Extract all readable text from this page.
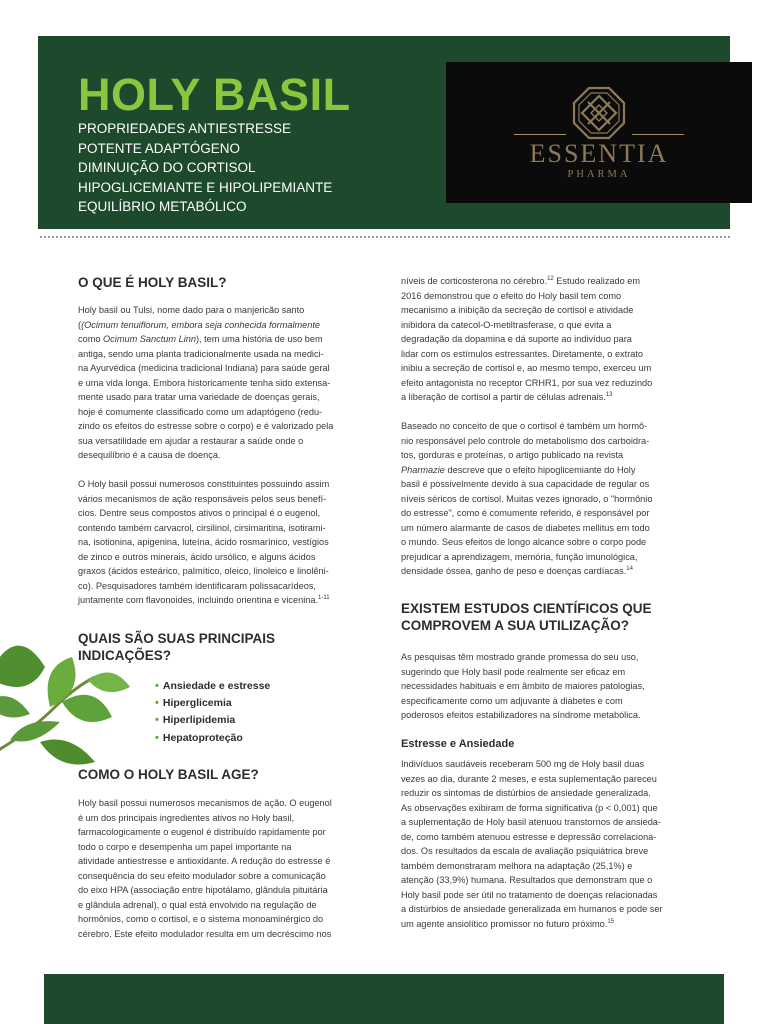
HOLY BASIL
PROPRIEDADES ANTIESTRESSE
POTENTE ADAPTÓGENO
DIMINUIÇÃO DO CORTISOL
HIPOGLICEMIANTE E HIPOLIPEMIANTE
EQUILÍBRIO METABÓLICO
ESSENTIA
PHARMA
O QUE É HOLY BASIL?
Holy basil ou Tulsi, nome dado para o manjericão santo
((Ocimum tenuiflorum, embora seja conhecida formalmente
como Ocimum Sanctum Linn), tem uma história de uso bem
antiga, sendo uma planta tradicionalmente usada na medici-
na Ayurvédica (medicina tradicional Indiana) para saúde geral
e uma vida longa. Embora historicamente tenha sido extensa-
mente usado para tratar uma variedade de doenças gerais,
hoje é comumente classificado como um adaptógeno (redu-
zindo os efeitos do estresse sobre o corpo) e é valorizado pela
sua versatilidade em ajudar a restaurar a saúde onde o
desequilíbrio é a causa de doença.
O Holy basil possui numerosos constituintes possuindo assim
vários mecanismos de ação responsáveis pelos seus benefí-
cios. Dentre seus compostos ativos o principal é o eugenol,
contendo também carvacrol, cirsilinol, cirsimaritina, isotirami-
na, isotionina, apigenina, luteína, ácido rosmarínico, vestígios
de zinco e outros minerais, ácido ursólico, e alguns ácidos
graxos (ácidos esteárico, palmítico, oleico, linoleico e linolêni-
co). Pesquisadores também identificaram polissacarídeos,
juntamente com flavonoides, incluindo orientina e vicenina.$^{1-11}$
QUAIS SÃO SUAS PRINCIPAIS
INDICAÇÕES?
• Ansiedade e estresse
• Hiperglicemia
• Hiperlipidemia
• Hepatoproteção
COMO O HOLY BASIL AGE?
Holy basil possui numerosos mecanismos de ação. O eugenol
é um dos principais ingredientes ativos no Holy basil,
farmacologicamente o eugenol é distribuído rapidamente por
todo o corpo e desempenha um papel importante na
atividade antiestresse e antioxidante. A redução do estresse é
consequência do seu efeito modulador sobre a comunicação
do eixo HPA (associação entre hipotálamo, glândula pituitária
e glândula adrenal), o qual está envolvido na regulação de
hormônios, como o cortisol, e o sistema monoaminérgico do
cérebro. Este efeito modulador resulta em um decréscimo nos
níveis de corticosterona no cérebro.$^{12}$ Estudo realizado em
2016 demonstrou que o efeito do Holy basil tem como
mecanismo a inibição da secreção de cortisol e atividade
inibidora da catecol-O-metiltrasferase, o que evita a
degradação da dopamina e dá suporte ao indivíduo para
lidar com os estímulos estressantes. Diretamente, o extrato
inibiu a secreção de cortisol e, ao mesmo tempo, exerceu um
efeito antagonista no receptor CRHR1, por sua vez reduzindo
a liberação de cortisol a partir de células adrenais.$^{13}$
Baseado no conceito de que o cortisol é também um hormô-
nio responsável pelo controle do metabolismo dos carboidra-
tos, gorduras e proteínas, o artigo publicado na revista
Pharmazie descreve que o efeito hipoglicemiante do Holy
basil é possivelmente devido à sua capacidade de regular os
níveis séricos de cortisol. Muitas vezes ignorado, o "hormônio
do estresse", como é comumente referido, é responsável por
um número alarmante de casos de diabetes mellitus em todo
o mundo. Seus efeitos de longo alcance sobre o corpo pode
prejudicar a aprendizagem, memória, função imunológica,
densidade óssea, ganho de peso e doenças cardíacas.$^{14}$
EXISTEM ESTUDOS CIENTÍFICOS QUE
COMPROVEM A SUA UTILIZAÇÃO?
As pesquisas têm mostrado grande promessa do seu uso,
sugerindo que Holy basil pode realmente ser eficaz em
necessidades habituais e em âmbito de maiores patologias,
especificamente como um adjuvante à diabetes e com
poderosos efeitos estabilizadores na síndrome metabólica.
Estresse e Ansiedade
Indivíduos saudáveis receberam 500 mg de Holy basil duas
vezes ao dia, durante 2 meses, e esta suplementação pareceu
reduzir os sintomas de distúrbios de ansiedade generalizada.
As observações exibiram de forma significativa (p < 0,001) que
a suplementação de Holy basil atenuou transtornos de ansieda-
de, como também atenuou estresse e depressão correlaciona-
dos. Os resultados da escala de avaliação psiquiátrica breve
também demonstraram melhora na adaptação (25,1%) e
atenção (33,9%) humana. Resultados que demonstram que o
Holy basil pode ser útil no tratamento de doenças relacionadas
a distúrbios de ansiedade generalizada em humanos e pode ser
um agente ansiolítico promissor no futuro próximo.$^{15}$
